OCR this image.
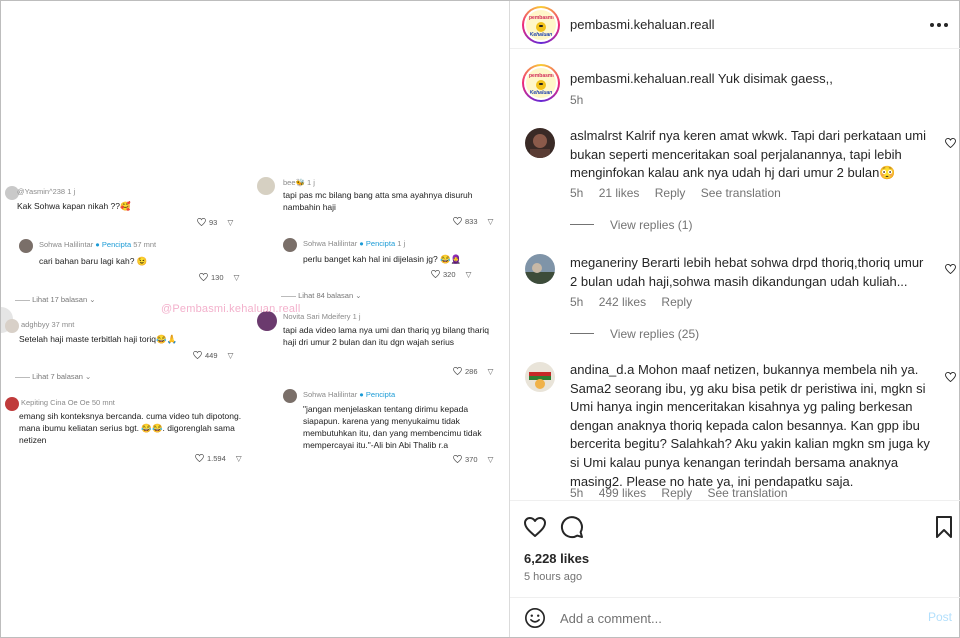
@Yasmin^238 1 j
Kak Sohwa kapan nikah ??🥰
93 ▽
Sohwa Halilintar ● Pencipta 57 mnt
cari bahan baru lagi kah? 😉
130 ▽
—— Lihat 17 balasan ⌄
adghbyy 37 mnt
Setelah haji maste terbitlah haji toriq😂🙏
449 ▽
—— Lihat 7 balasan ⌄
Kepiting Cina Oe Oe 50 mnt
emang sih konteksnya bercanda. cuma video tuh dipotong. mana ibumu keliatan serius bgt. 😂😂. digorenglah sama netizen
1.594 ▽
bee🐝 1 j
tapi pas mc bilang bang atta sma ayahnya disuruh nambahin haji
833 ▽
Sohwa Halilintar ● Pencipta 1 j
perlu banget kah hal ini dijelasin jg? 😂🧕
320 ▽
—— Lihat 84 balasan ⌄
Novita Sari Mdeifery 1 j
tapi ada video lama nya umi dan thariq yg bilang thariq haji dri umur 2 bulan dan itu dgn wajah serius
286 ▽
Sohwa Halilintar ● Pencipta
"jangan menjelaskan tentang dirimu kepada siapapun. karena yang menyukaimu tidak membutuhkan itu, dan yang membencimu tidak mempercayai itu."-Ali bin Abi Thalib r.a
370 ▽
@Pembasmi.kehaluan.reall
pembasmi
Kehaluan
pembasmi.kehaluan.reall
pembasmi
Kehaluan
pembasmi.kehaluan.reall Yuk disimak gaess,,
5h
aslmalrst Kalrif nya keren amat wkwk. Tapi dari perkataan umi bukan seperti menceritakan soal perjalanannya, tapi lebih menginfokan kalau ank nya udah hj dari umur 2 bulan😳
5h 21 likes Reply See translation
View replies (1)
meganeriny Berarti lebih hebat sohwa drpd thoriq,thoriq umur 2 bulan udah haji,sohwa masih dikandungan udah kuliah...
5h 242 likes Reply
View replies (25)
andina_d.a Mohon maaf netizen, bukannya membela nih ya. Sama2 seorang ibu, yg aku bisa petik dr peristiwa ini, mgkn si Umi hanya ingin menceritakan kisahnya yg paling berkesan dengan anaknya thoriq kepada calon besannya. Kan gpp ibu bercerita begitu? Salahkah? Aku yakin kalian mgkn sm juga ky si Umi kalau punya kenangan terindah bersama anaknya masing2. Please no hate ya, ini pendapatku saja.
5h 499 likes Reply See translation
6,228 likes
5 hours ago
Add a comment...
Post
